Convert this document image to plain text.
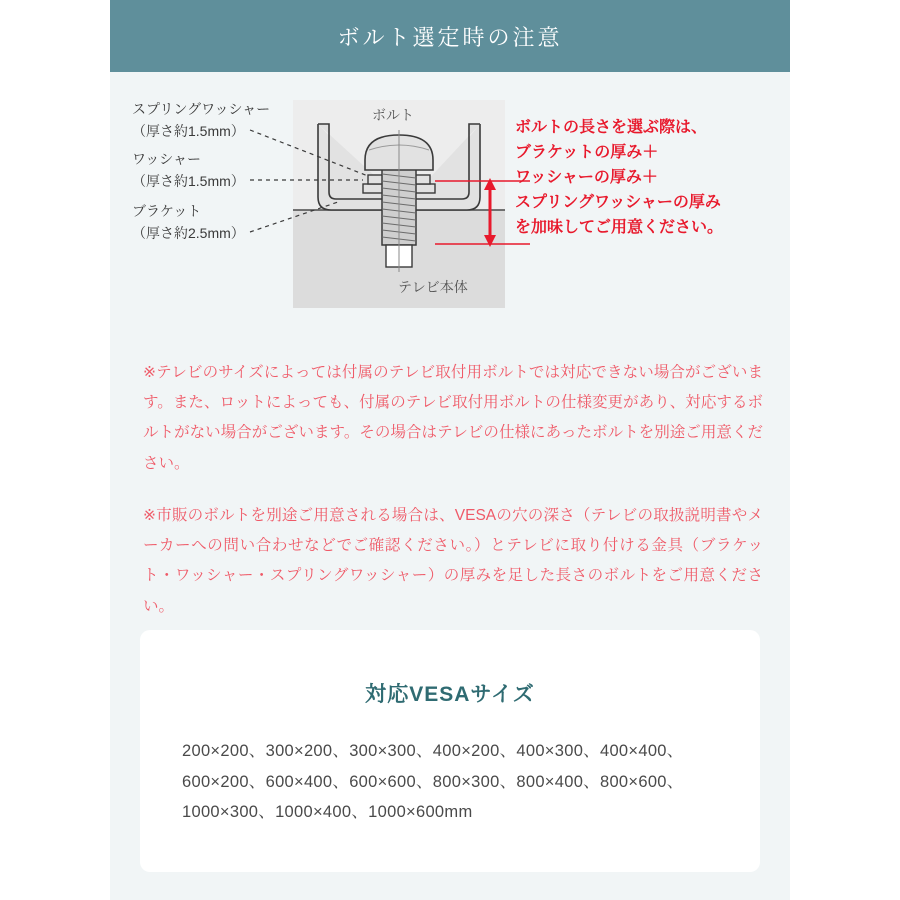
ボルト選定時の注意
スプリングワッシャー
（厚さ約1.5mm）
ワッシャー
（厚さ約1.5mm）
ブラケット
（厚さ約2.5mm）
ボルト
テレビ本体
ボルトの長さを選ぶ際は、
ブラケットの厚み＋
ワッシャーの厚み＋
スプリングワッシャーの厚み
を加味してご用意ください。

※テレビのサイズによっては付属のテレビ取付用ボルトでは対応できない場合がございます。また、ロットによっても、付属のテレビ取付用ボルトの仕様変更があり、対応するボルトがない場合がございます。その場合はテレビの仕様にあったボルトを別途ご用意ください。

※市販のボルトを別途ご用意される場合は、VESAの穴の深さ（テレビの取扱説明書やメーカーへの問い合わせなどでご確認ください。）とテレビに取り付ける金具（ブラケット・ワッシャー・スプリングワッシャー）の厚みを足した長さのボルトをご用意ください。

対応VESAサイズ
200×200、300×200、300×300、400×200、400×300、400×400、600×200、600×400、600×600、800×300、800×400、800×600、1000×300、1000×400、1000×600mm
